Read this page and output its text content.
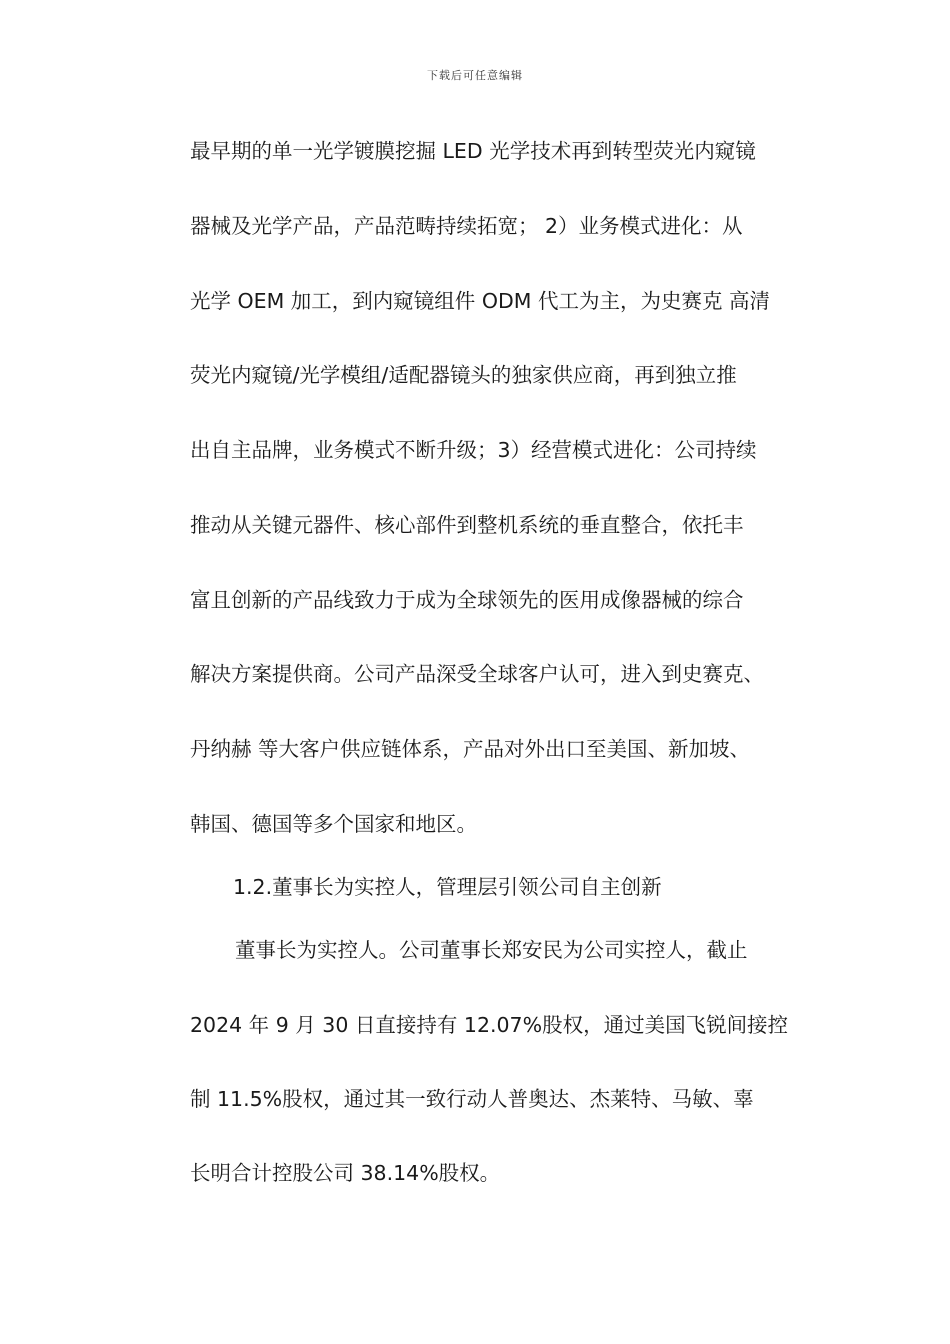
下载后可任意编辑
最早期的单一光学镀膜挖掘 LED 光学技术再到转型荧光内窥镜
器械及光学产品，产品范畴持续拓宽； 2）业务模式进化：从
光学 OEM 加工，到内窥镜组件 ODM 代工为主，为史赛克 高清
荧光内窥镜/光学模组/适配器镜头的独家供应商，再到独立推
出自主品牌，业务模式不断升级；3）经营模式进化：公司持续
推动从关键元器件、核心部件到整机系统的垂直整合，依托丰
富且创新的产品线致力于成为全球领先的医用成像器械的综合
解决方案提供商。公司产品深受全球客户认可，进入到史赛克、
丹纳赫 等大客户供应链体系，产品对外出口至美国、新加坡、
韩国、德国等多个国家和地区。
1.2.董事长为实控人，管理层引领公司自主创新
董事长为实控人。公司董事长郑安民为公司实控人，截止
2024 年 9 月 30 日直接持有 12.07%股权，通过美国飞锐间接控
制 11.5%股权，通过其一致行动人普奥达、杰莱特、马敏、辜
长明合计控股公司 38.14%股权。
